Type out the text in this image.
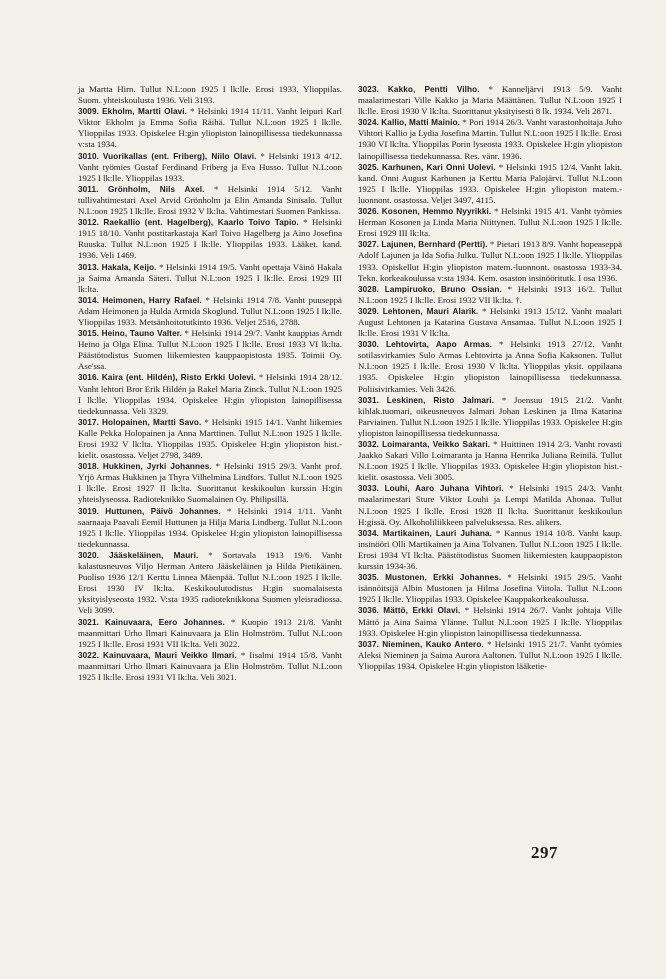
ja Martta Hirn. Tullut N.L:oon 1925 I lk:lle. Erosi 1933. Ylioppilas. Suom. yhteiskoulusta 1936. Veli 3193.

3009. Ekholm, Martti Olavi. * Helsinki 1914 11/11. Vanht leipuri Karl Viktor Ekholm ja Emma Sofia Räihä. Tullut N.L:oon 1925 I lk:lle. Ylioppilas 1933. Opiskelee H:gin yliopiston lainopillisessa tiedekunnassa v:sta 1934.

3010. Vuorikallas (ent. Friberg), Niilo Olavi. * Helsinki 1913 4/12. Vanht työmies Gustaf Ferdinand Friberg ja Eva Husso. Tullut N.L:oon 1925 I lk:lle. Ylioppilas 1933.

3011. Grönholm, Nils Axel. * Helsinki 1914 5/12. Vanht tullivahtimestari Axel Arvid Grönholm ja Elin Amanda Sinisalo. Tullut N.L:oon 1925 I lk:lle. Erosi 1932 V lk:lta. Vahtimestari Suomen Pankissa.

3012. Raekallio (ent. Hagelberg), Kaarlo Toivo Tapio. * Helsinki 1915 18/10. Vanht postitarkastaja Karl Toivo Hagelberg ja Aino Josefina Ruuska. Tullut N.L:oon 1925 I lk:lle. Ylioppilas 1933. Lääket. kand. 1936. Veli 1469.

3013. Hakala, Keijo. * Helsinki 1914 19/5. Vanht opettaja Väinö Hakala ja Saima Amanda Säteri. Tullut N.L:oon 1925 I lk:lle. Erosi 1929 III lk:lta.

3014. Heimonen, Harry Rafael. * Helsinki 1914 7/8. Vanht puuseppä Adam Heimonen ja Hulda Armida Skoglund. Tullut N.L:oon 1925 I lk:lle. Ylioppilas 1933. Metsänhoitotutkinto 1936. Veljet 2516, 2788.

3015. Heino, Tauno Valter. * Helsinki 1914 29/7. Vanht kauppias Arndt Heino ja Olga Elina. Tullut N.L:oon 1925 I lk:lle. Erosi 1933 VI lk:lta. Päästötodistus Suomen liikemiesten kauppaopistosta 1935. Toimii Oy. Ase'ssa.

3016. Kaira (ent. Hildén), Risto Erkki Uolevi. * Helsinki 1914 28/12. Vanht lehtori Bror Erik Hildén ja Rakel Maria Zinck. Tullut N.L:oon 1925 I lk:lle. Ylioppilas 1934. Opiskelee H:gin yliopiston lainopillisessa tiedekunnassa. Veli 3329.

3017. Holopainen, Martti Savo. * Helsinki 1915 14/1. Vanht liikemies Kalle Pekka Holopainen ja Anna Marttinen. Tullut N.L:oon 1925 I lk:lle. Erosi 1932 V lk:lta. Ylioppilas 1935. Opiskelee H:gin yliopiston hist.-kielit. osastossa. Veljet 2798, 3489.

3018. Hukkinen, Jyrki Johannes. * Helsinki 1915 29/3. Vanht prof. Yrjö Armas Hukkinen ja Thyra Vilhelmina Lindfors. Tullut N.L:oon 1925 I lk:lle. Erosi 1927 II lk:lta. Suorittanut keskikoulun kurssin H:gin yhteislyseossa. Radioteknikko Suomalainen Oy. Philipsillä.

3019. Huttunen, Päivö Johannes. * Helsinki 1914 1/11. Vanht saarnaaja Paavali Eemil Huttunen ja Hilja Maria Lindberg. Tullut N.L:oon 1925 I lk:lle. Ylioppilas 1934. Opiskelee H:gin yliopiston lainopillisessa tiedekunnassa.

3020. Jääskeläinen, Mauri. * Sortavala 1913 19/6. Vanht kalastusneuvos Viljo Herman Antero Jääskeläinen ja Hilda Pietikäinen. Puoliso 1936 12/1 Kerttu Linnea Mäenpää. Tullut N.L:oon 1925 I lk:lle. Erosi 1930 IV lk:lta. Keskikoulutodistus H:gin suomalaisesta yksityislyseosta 1932. V:sta 1935 radioteknikkona Suomen yleisradiossa. Veli 3099.

3021. Kainuvaara, Eero Johannes. * Kuopio 1913 21/8. Vanht maanmittari Urho Ilmari Kainuvaara ja Elin Holmström. Tullut N.L:oon 1925 I lk:lle. Erosi 1931 VII lk:lta. Veli 3022.

3022. Kainuvaara, Mauri Veikko Ilmari. * Iisalmi 1914 15/8. Vanht maanmittari Urho Ilmari Kainuvaara ja Elin Holmström. Tullut N.L:oon 1925 I lk:lle. Erosi 1931 VI lk:lta. Veli 3021.

3023. Kakko, Pentti Vilho. * Kanneljärvi 1913 5/9. Vanht maalarimestari Ville Kakko ja Maria Määttänen. Tullut N.L:oon 1925 I lk:lle. Erosi 1930 V lk:lta. Suorittanut yksityisesti 8 lk. 1934. Veli 2871.

3024. Kallio, Matti Mainio. * Pori 1914 26/3. Vanht varastonhoitaja Juho Vihtori Kallio ja Lydia Josefina Martin. Tullut N.L:oon 1925 I lk:lle. Erosi 1930 VI lk:lta. Ylioppilas Porin lyseosta 1933. Opiskelee H:gin yliopiston lainopillisessa tiedekunnassa. Res. vänr. 1936.

3025. Karhunen, Kari Onni Uolevi. * Helsinki 1915 12/4. Vanht lakit. kand. Onni August Karhunen ja Kerttu Maria Palojärvi. Tullut N.L:oon 1925 I lk:lle. Ylioppilas 1933. Opiskelee H:gin yliopiston matem.-luonnont. osastossa. Veljet 3497, 4115.

3026. Kosonen, Hemmo Nyyrikki. * Helsinki 1915 4/1. Vanht työmies Herman Kosonen ja Linda Maria Niittynen. Tullut N.L:oon 1925 I lk:lle. Erosi 1929 III lk:lta.

3027. Lajunen, Bernhard (Pertti). * Pietari 1913 8/9. Vanht hopeaseppä Adolf Lajunen ja Ida Sofia Julku. Tullut N.L:oon 1925 I lk:lle. Ylioppilas 1933. Opiskellut H:gin yliopiston matem.-luonnont. osastossa 1933-34. Tekn. korkeakoulussa v:sta 1934. Kem. osaston insinööritutk. I osa 1936.

3028. Lampiruoko, Bruno Ossian. * Helsinki 1913 16/2. Tullut N.L:oon 1925 I lk:lle. Erosi 1932 VII lk:lta. †.

3029. Lehtonen, Mauri Alarik. * Helsinki 1913 15/12. Vanht maalari August Lehtonen ja Katarina Gustava Ansamaa. Tullut N.L:oon 1925 I lk:lle. Erosi 1931 V lk:lta.

3030. Lehtovirta, Aapo Armas. * Helsinki 1913 27/12. Vanht sotilasvirkamies Sulo Armas Lehtovirta ja Anna Sofia Kaksonen. Tullut N.L:oon 1925 I lk:lle. Erosi 1930 V lk:lta. Ylioppilas yksit. oppilaana 1935. Opiskelee H:gin yliopiston lainopillisessa tiedekunnassa. Poliisivirkamies. Veli 3426.

3031. Leskinen, Risto Jalmari. * Joensuu 1915 21/2. Vanht kihlak.tuomari, oikeusneuvos Jalmari Johan Leskinen ja Ilma Katarina Parviainen. Tullut N.L:oon 1925 I lk:lle. Ylioppilas 1933. Opiskelee H:gin yliopiston lainopillisessa tiedekunnassa.

3032. Loimaranta, Veikko Sakari. * Huittinen 1914 2/3. Vanht rovasti Jaakko Sakari Villo Loimaranta ja Hanna Henrika Juliana Reinilä. Tullut N.L:oon 1925 I lk:lle. Ylioppilas 1933. Opiskelee H:gin yliopiston hist.-kielit. osastossa. Veli 3005.

3033. Louhi, Aaro Juhana Vihtori. * Helsinki 1915 24/3. Vanht maalarimestari Sture Viktor Louhi ja Lempi Matilda Ahonaa. Tullut N.L:oon 1925 I lk:lle. Erosi 1928 II lk:lta. Suorittanut keskikoulun H:gissä. Oy. Alkoholiliikkeen palveluksessa. Res. alikers.

3034. Martikainen, Lauri Juhana. * Kannus 1914 10/8. Vanht kaup. insinööri Olli Martikainen ja Aina Tolvanen. Tullut N.L:oon 1925 I lk:lle. Erosi 1934 VI lk:lta. Päästötodistus Suomen liikemiesten kauppaopiston kurssin 1934-36.

3035. Mustonen, Erkki Johannes. * Helsinki 1915 29/5. Vanht isännöitsijä Albin Mustonen ja Hilma Josefina Viitola. Tullut N.L:oon 1925 I lk:lle. Ylioppilas 1933. Opiskelee Kauppakorkeakoulussa.

3036. Mättö, Erkki Olavi. * Helsinki 1914 26/7. Vanht johtaja Ville Mättö ja Aina Saima Ylänne. Tullut N.L:oon 1925 I lk:lle. Ylioppilas 1933. Opiskelee H:gin yliopiston lainopillisessa tiedekunnassa.

3037. Nieminen, Kauko Antero. * Helsinki 1915 21/7. Vanht työmies Aleksi Nieminen ja Saima Aurora Aaltonen. Tullut N.L:oon 1925 I lk:lle. Ylioppilas 1934. Opiskelee H:gin yliopiston lääketie-

297
